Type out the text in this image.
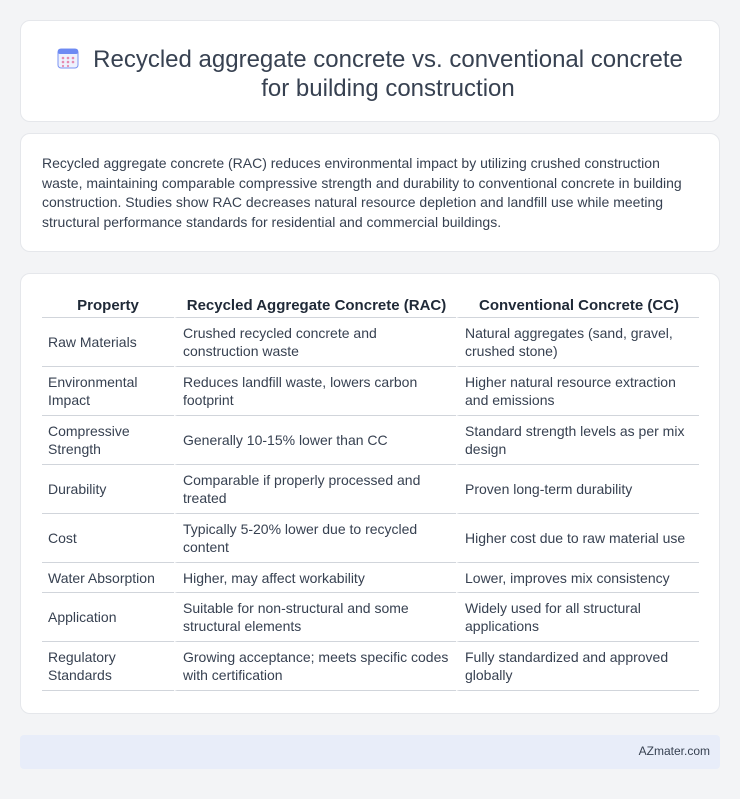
Recycled aggregate concrete vs. conventional concrete for building construction

Recycled aggregate concrete (RAC) reduces environmental impact by utilizing crushed construction waste, maintaining comparable compressive strength and durability to conventional concrete in building construction. Studies show RAC decreases natural resource depletion and landfill use while meeting structural performance standards for residential and commercial buildings.

Property	Recycled Aggregate Concrete (RAC)	Conventional Concrete (CC)
Raw Materials	Crushed recycled concrete and construction waste	Natural aggregates (sand, gravel, crushed stone)
Environmental Impact	Reduces landfill waste, lowers carbon footprint	Higher natural resource extraction and emissions
Compressive Strength	Generally 10-15% lower than CC	Standard strength levels as per mix design
Durability	Comparable if properly processed and treated	Proven long-term durability
Cost	Typically 5-20% lower due to recycled content	Higher cost due to raw material use
Water Absorption	Higher, may affect workability	Lower, improves mix consistency
Application	Suitable for non-structural and some structural elements	Widely used for all structural applications
Regulatory Standards	Growing acceptance; meets specific codes with certification	Fully standardized and approved globally
AZmater.com
